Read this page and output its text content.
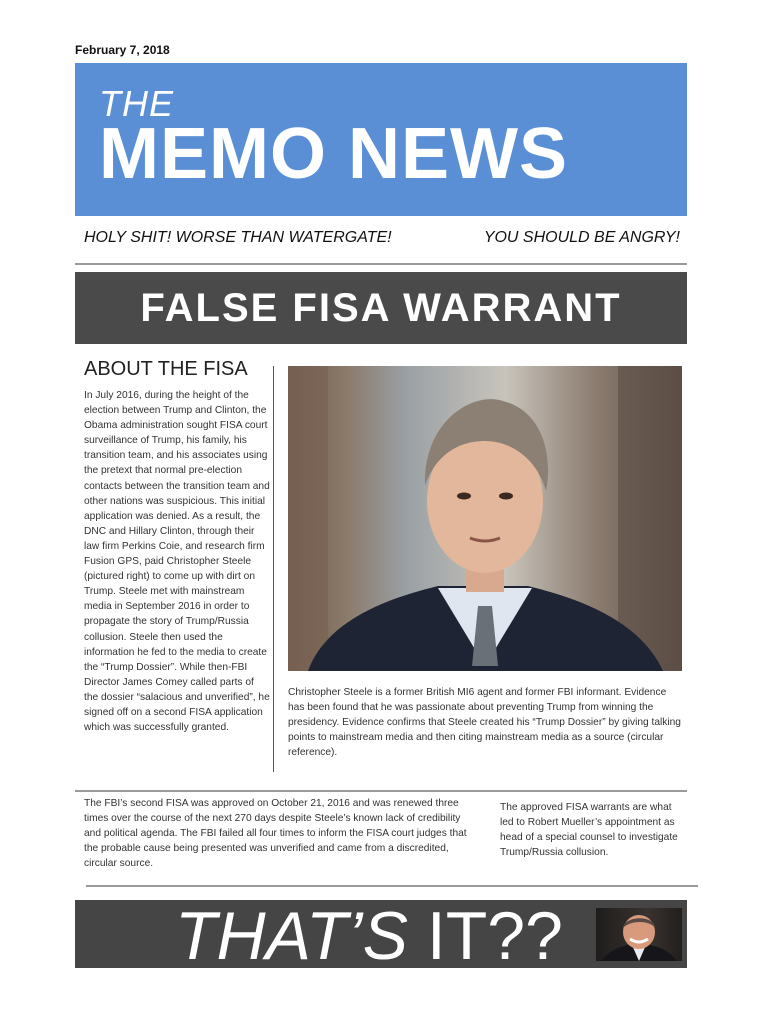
February 7, 2018
THE
MEMO NEWS
HOLY SHIT! WORSE THAN WATERGATE!	YOU SHOULD BE ANGRY!
FALSE FISA WARRANT
ABOUT THE FISA

In July 2016, during the height of the election between Trump and Clinton, the Obama administration sought FISA court surveillance of Trump, his family, his transition team, and his associates using the pretext that normal pre-election contacts between the transition team and other nations was suspicious. This initial application was denied. As a result, the DNC and Hillary Clinton, through their law firm Perkins Coie, and research firm Fusion GPS, paid Christopher Steele (pictured right) to come up with dirt on Trump. Steele met with mainstream media in September 2016 in order to propagate the story of Trump/Russia collusion. Steele then used the information he fed to the media to create the “Trump Dossier”. While then-FBI Director James Comey called parts of the dossier “salacious and unverified”, he signed off on a second FISA application which was successfully granted.

Christopher Steele is a former British MI6 agent and former FBI informant. Evidence has been found that he was passionate about preventing Trump from winning the presidency. Evidence confirms that Steele created his “Trump Dossier” by giving talking points to mainstream media and then citing mainstream media as a source (circular reference).

The FBI’s second FISA was approved on October 21, 2016 and was renewed three times over the course of the next 270 days despite Steele’s known lack of credibility and political agenda. The FBI failed all four times to inform the FISA court judges that the probable cause being presented was unverified and came from a discredited, circular source.

The approved FISA warrants are what led to Robert Mueller’s appointment as head of a special counsel to investigate Trump/Russia collusion.

THAT’S IT??
